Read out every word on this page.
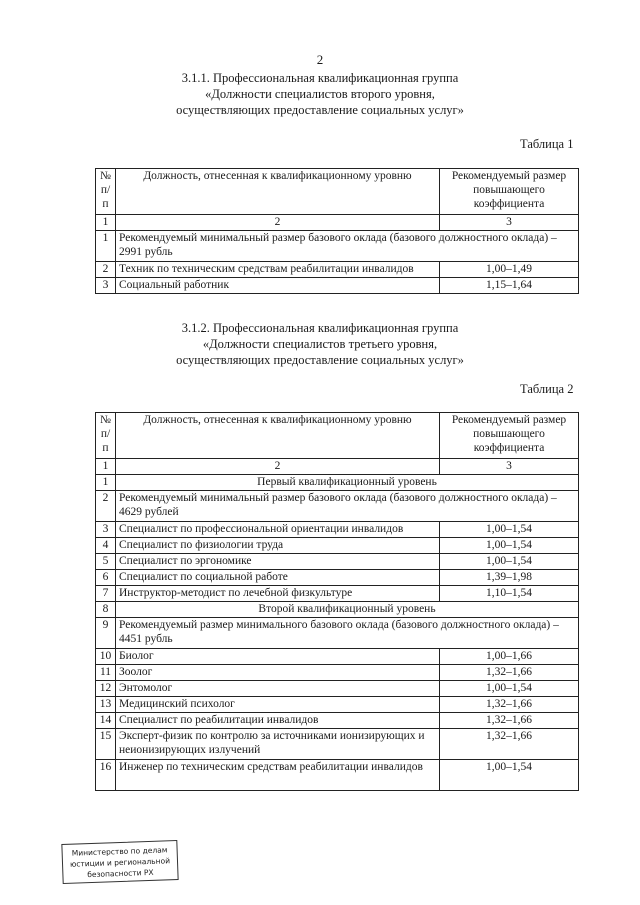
2
3.1.1. Профессиональная квалификационная группа
«Должности специалистов второго уровня,
осуществляющих предоставление социальных услуг»
Таблица 1
№ п/п	Должность, отнесенная к квалификационному уровню	Рекомендуемый размер повышающего коэффициента
1	2	3
1	Рекомендуемый минимальный размер базового оклада (базового должностного оклада) – 2991 рубль	
2	Техник по техническим средствам реабилитации инвалидов	1,00–1,49
3	Социальный работник	1,15–1,64
3.1.2. Профессиональная квалификационная группа
«Должности специалистов третьего уровня,
осуществляющих предоставление социальных услуг»
Таблица 2
№ п/п	Должность, отнесенная к квалификационному уровню	Рекомендуемый размер повышающего коэффициента
1	2	3
1	Первый квалификационный уровень	
2	Рекомендуемый минимальный размер базового оклада (базового должностного оклада) – 4629 рублей	
3	Специалист по профессиональной ориентации инвалидов	1,00–1,54
4	Специалист по физиологии труда	1,00–1,54
5	Специалист по эргономике	1,00–1,54
6	Специалист по социальной работе	1,39–1,98
7	Инструктор-методист по лечебной физкультуре	1,10–1,54
8	Второй квалификационный уровень	
9	Рекомендуемый размер минимального базового оклада (базового должностного оклада) – 4451 рубль	
10	Биолог	1,00–1,66
11	Зоолог	1,32–1,66
12	Энтомолог	1,00–1,54
13	Медицинский психолог	1,32–1,66
14	Специалист по реабилитации инвалидов	1,32–1,66
15	Эксперт-физик по контролю за источниками ионизирующих и неионизирующих излучений	1,32–1,66
16	Инженер по техническим средствам реабилитации инвалидов	1,00–1,54
Министерство по делам
юстиции и региональной
безопасности РХ
